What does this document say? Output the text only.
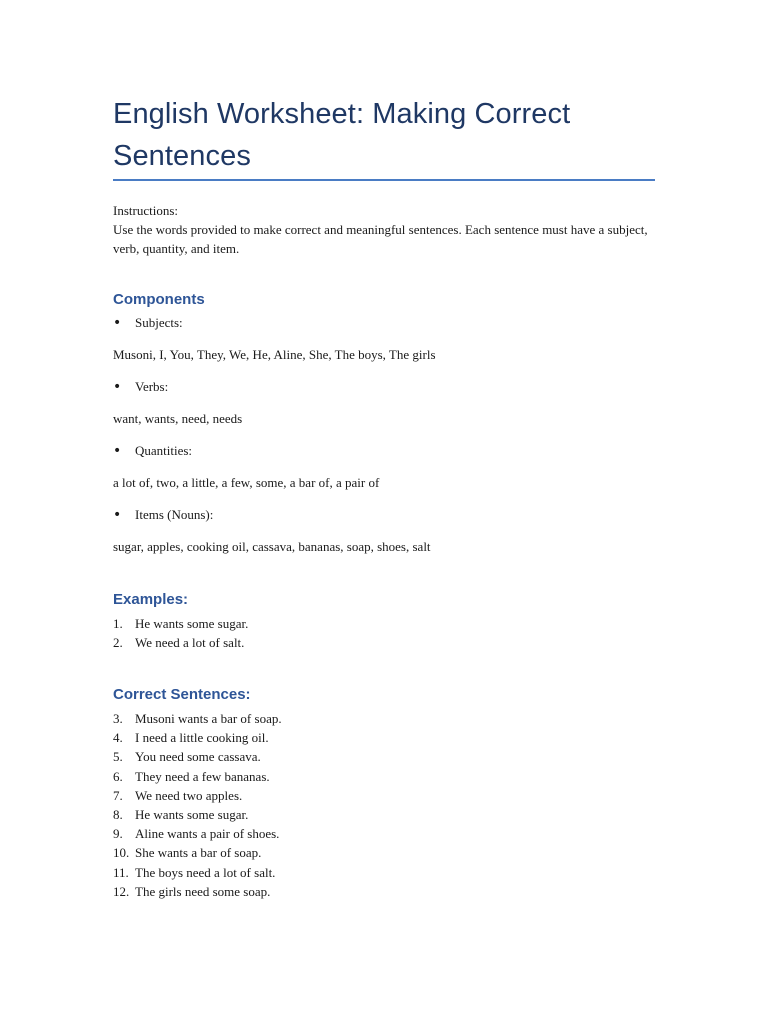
English Worksheet: Making Correct Sentences

Instructions:

Use the words provided to make correct and meaningful sentences. Each sentence must have a subject, verb, quantity, and item.

Components
• Subjects:
Musoni, I, You, They, We, He, Aline, She, The boys, The girls
• Verbs:
want, wants, need, needs
• Quantities:
a lot of, two, a little, a few, some, a bar of, a pair of
• Items (Nouns):
sugar, apples, cooking oil, cassava, bananas, soap, shoes, salt
Examples:
1. He wants some sugar.
2. We need a lot of salt.
Correct Sentences:
3. Musoni wants a bar of soap.
4. I need a little cooking oil.
5. You need some cassava.
6. They need a few bananas.
7. We need two apples.
8. He wants some sugar.
9. Aline wants a pair of shoes.
10. She wants a bar of soap.
11. The boys need a lot of salt.
12. The girls need some soap.
